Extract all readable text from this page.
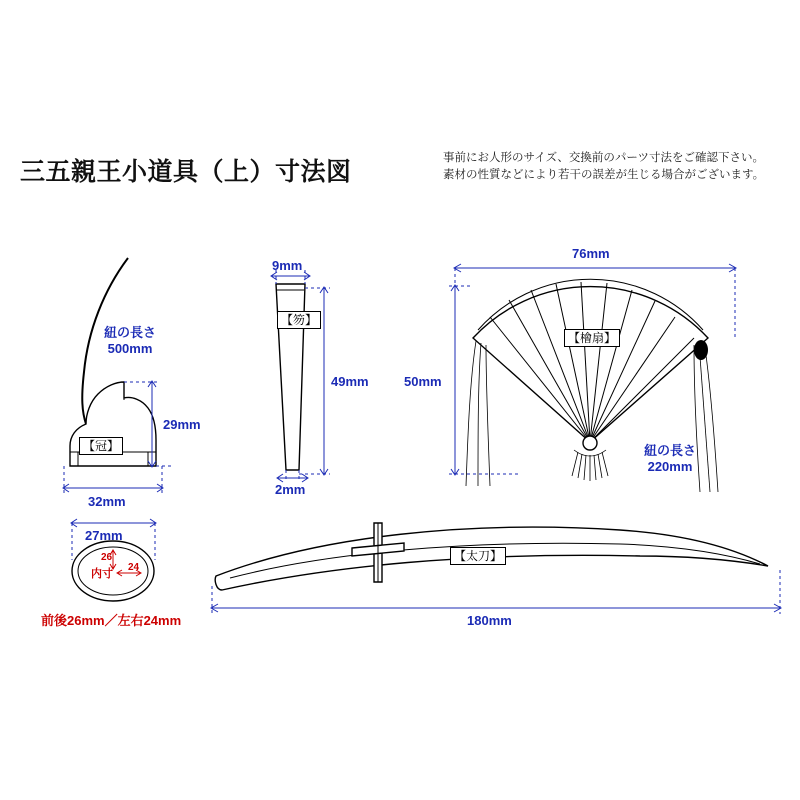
三五親王小道具（上）寸法図	事前にお人形のサイズ、交換前のパーツ寸法をご確認下さい。
素材の性質などにより若干の誤差が生じる場合がございます。
紐の長さ
500mm
【冠】
29mm
32mm
27mm
26
24
内寸
前後26mm／左右24mm
9mm
【笏】
49mm
2mm
76mm
50mm
【檜扇】
紐の長さ
220mm
【太刀】
180mm
